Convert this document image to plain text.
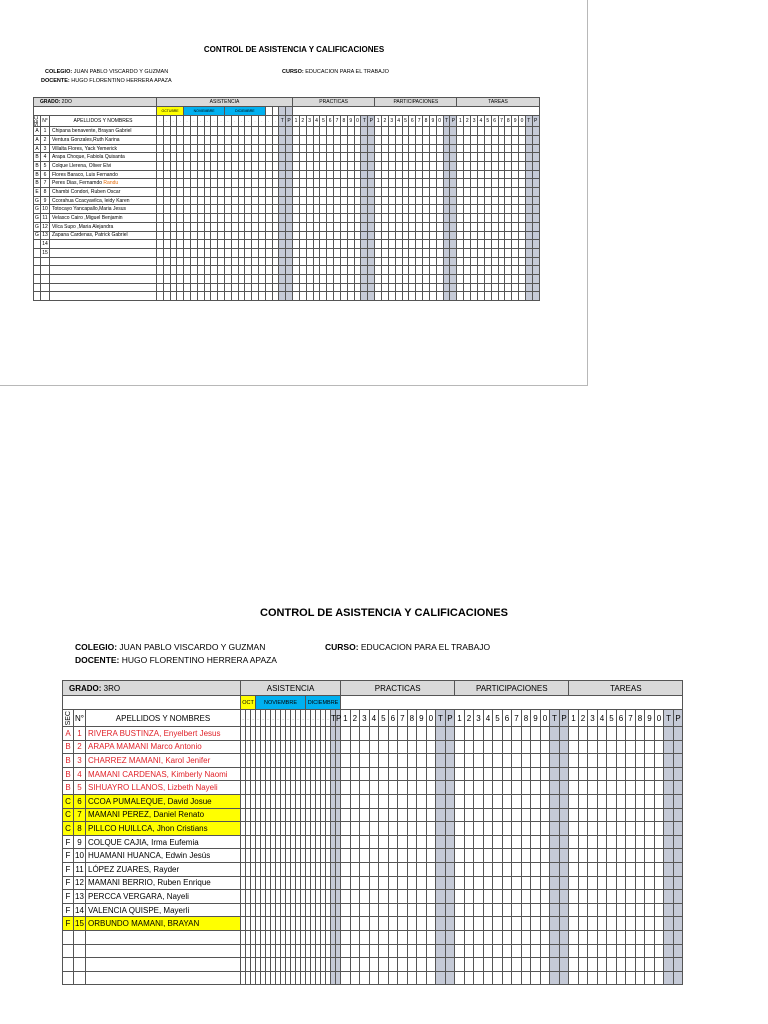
CONTROL DE ASISTENCIA Y CALIFICACIONES
COLEGIO: JUAN PABLO VISCARDO Y GUZMAN	CURSO: EDUCACION PARA EL TRABAJO
DOCENTE: HUGO FLORENTINO HERRERA APAZA
GRADO: 2DO			ASISTENCIA																				PRACTICAS												PARTICIPACIONES												TAREAS											
			OCTUBRE				NOVIEMBRE						DICIEMBRE																																													

SEC	N°	APELLIDOS Y NOMBRES	-	-	-	-	-	-	-	-	-	-	-	-	-	-	-	-	-	-	T	P	1	2	3	4	5	6	7	8	9	0	T	P	1	2	3	4	5	6	7	8	9	0	T	P	1	2	3	4	5	6	7	8	9	0	T	P
A	1	Chipana benavente, Brayan Gabriel																																																								
A	2	Ventura Gonzales,Ruth Karina																																																								
A	3	Villalta Flores, Yack Yemerick																																																								
B	4	Arapa Choque, Fabiola Quisanta																																																								
B	5	Colque Llerena, Oliver Elvi																																																								
B	6	Flores Baraco, Luis Fernando																																																								
B	7	Peres Dias, Fernamdo Randu																																																								
E	8	Chambi Condori, Ruben Oscar																																																								
G	9	Ccorahua Ccacyavilca, leidy Karen																																																								
G	10	Totocayo Yancapallo,Maria Jesus																																																								
G	11	Velasco Cairo ,Miguel Benjamin																																																								
G	12	Vilca Supo ,Maria Alejandra																																																								
G	13	Zapana Cardenas, Patrick Gabriel																																																								
	14																																																									
	15																																																									

CONTROL DE ASISTENCIA Y CALIFICACIONES
COLEGIO: JUAN PABLO VISCARDO Y GUZMAN	CURSO: EDUCACION PARA EL TRABAJO
DOCENTE: HUGO FLORENTINO HERRERA APAZA
GRADO: 3RO			ASISTENCIA																				PRACTICAS												PARTICIPACIONES												TAREAS											
			OCT			NOVIEMBRE										DICIEMBRE																																										

SEC	N°	APELLIDOS Y NOMBRES	-	-	-	-	-	-	-	-	-	-	-	-	-	-	-	-	-	-	T	P	1	2	3	4	5	6	7	8	9	0	T	P	1	2	3	4	5	6	7	8	9	0	T	P	1	2	3	4	5	6	7	8	9	0	T	P
A	1	RIVERA BUSTINZA, Enyelbert Jesus																																																								
B	2	ARAPA MAMANI Marco Antonio																																																								
B	3	CHARREZ MAMANI, Karol Jenifer																																																								
B	4	MAMANI CARDENAS, Kimberly Naomi																																																								
B	5	SIHUAYRO LLANOS, Lizbeth Nayeli																																																								
C	6	CCOA PUMALEQUE, David Josue																																																								
C	7	MAMANI PEREZ, Daniel Renato																																																								
C	8	PILLCO HUILLCA, Jhon Cristians																																																								
F	9	COLQUE CAJIA, Irma Eufemia																																																								
F	10	HUAMANI HUANCA, Edwin Jesús																																																								
F	11	LÓPEZ ZUARES, Rayder																																																								
F	12	MAMANI BERRIO, Ruben Enrique																																																								
F	13	PERCCA VERGARA, Nayeli																																																								
F	14	VALENCIA QUISPE, Mayerli																																																								
F	15	ORBUNDO MAMANI, BRAYAN																																																								
